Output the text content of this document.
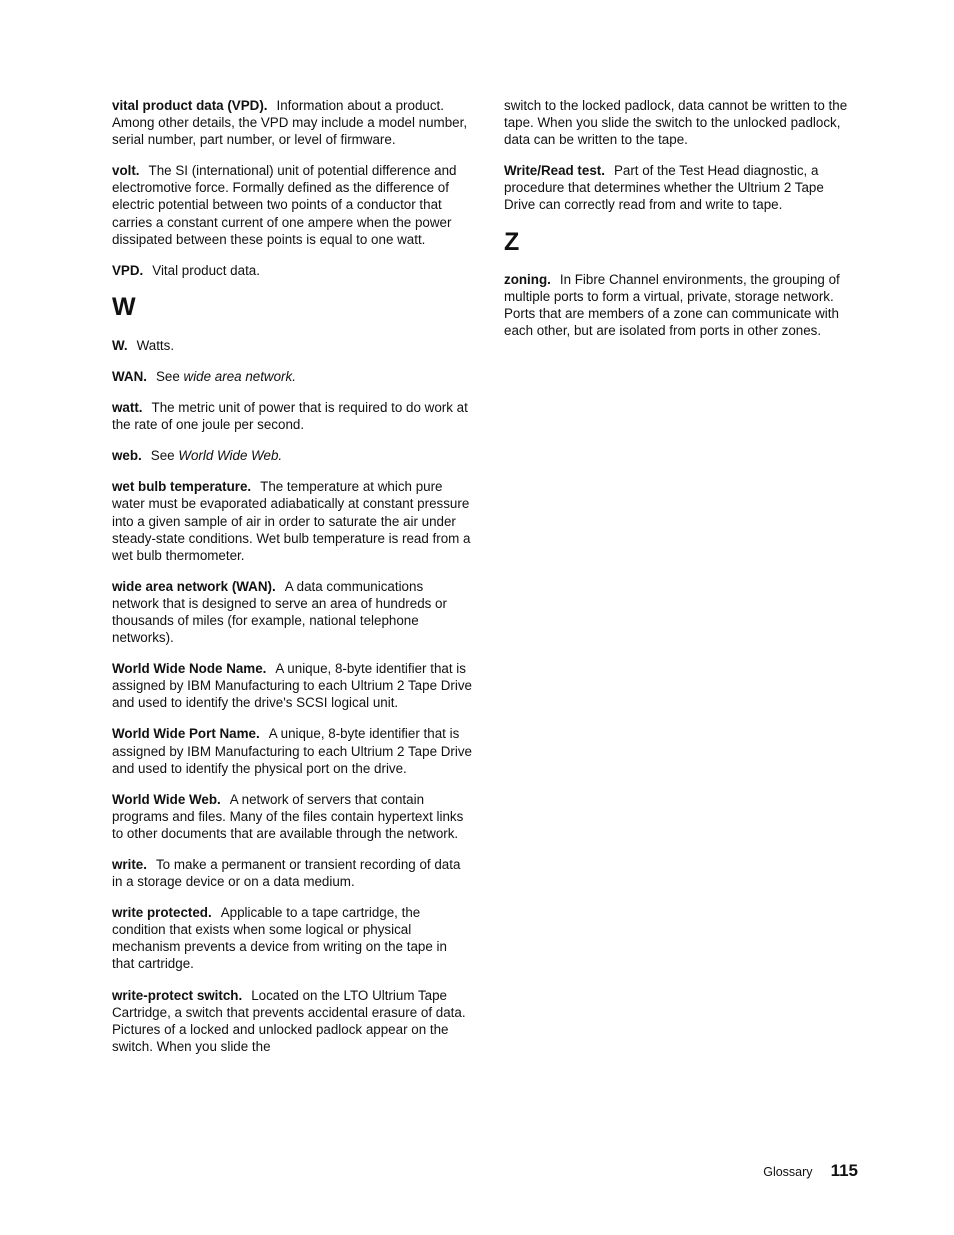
vital product data (VPD). Information about a product. Among other details, the VPD may include a model number, serial number, part number, or level of firmware.

volt. The SI (international) unit of potential difference and electromotive force. Formally defined as the difference of electric potential between two points of a conductor that carries a constant current of one ampere when the power dissipated between these points is equal to one watt.

VPD. Vital product data.

W

W. Watts.

WAN. See wide area network.

watt. The metric unit of power that is required to do work at the rate of one joule per second.

web. See World Wide Web.

wet bulb temperature. The temperature at which pure water must be evaporated adiabatically at constant pressure into a given sample of air in order to saturate the air under steady-state conditions. Wet bulb temperature is read from a wet bulb thermometer.

wide area network (WAN). A data communications network that is designed to serve an area of hundreds or thousands of miles (for example, national telephone networks).

World Wide Node Name. A unique, 8-byte identifier that is assigned by IBM Manufacturing to each Ultrium 2 Tape Drive and used to identify the drive's SCSI logical unit.

World Wide Port Name. A unique, 8-byte identifier that is assigned by IBM Manufacturing to each Ultrium 2 Tape Drive and used to identify the physical port on the drive.

World Wide Web. A network of servers that contain programs and files. Many of the files contain hypertext links to other documents that are available through the network.

write. To make a permanent or transient recording of data in a storage device or on a data medium.

write protected. Applicable to a tape cartridge, the condition that exists when some logical or physical mechanism prevents a device from writing on the tape in that cartridge.

write-protect switch. Located on the LTO Ultrium Tape Cartridge, a switch that prevents accidental erasure of data. Pictures of a locked and unlocked padlock appear on the switch. When you slide the

switch to the locked padlock, data cannot be written to the tape. When you slide the switch to the unlocked padlock, data can be written to the tape.

Write/Read test. Part of the Test Head diagnostic, a procedure that determines whether the Ultrium 2 Tape Drive can correctly read from and write to tape.

Z

zoning. In Fibre Channel environments, the grouping of multiple ports to form a virtual, private, storage network. Ports that are members of a zone can communicate with each other, but are isolated from ports in other zones.

Glossary 115
